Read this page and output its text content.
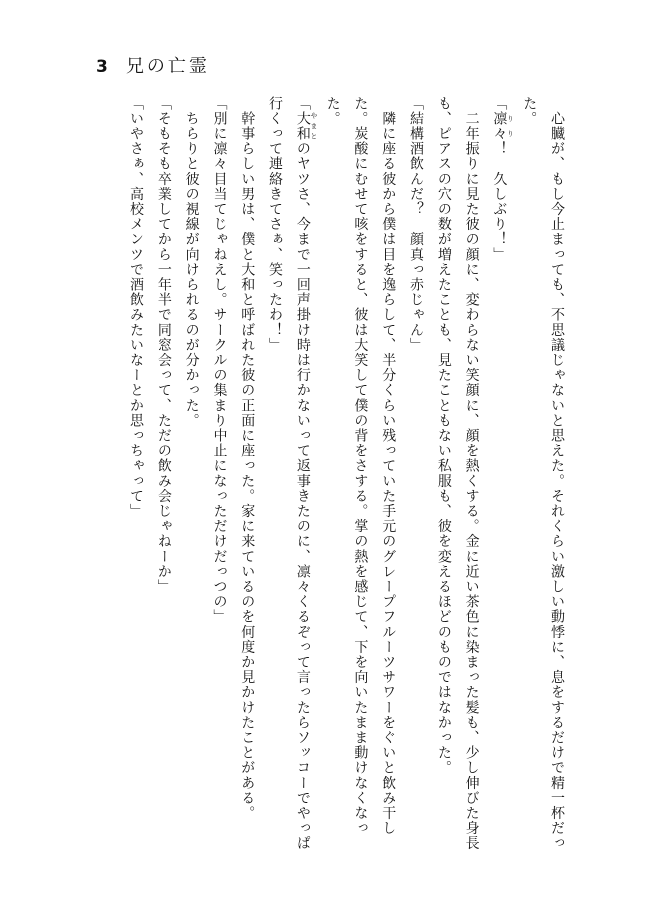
3 兄の亡霊

　心臓が、もし今止まっても、不思議じゃないと思えた。それくらい激しい動悸に、息をするだけで精一杯だった。

「凛々 りり！　久しぶり！」

　二年振りに見た彼の顔に、変わらない笑顔に、顔を熱くする。金に近い茶色に染まった髪も、少し伸びた身長も、ピアスの穴の数が増えたことも、見たこともない私服も、彼を変えるほどのものではなかった。

「結構酒飲んだ？　顔真っ赤じゃん」

　隣に座る彼から僕は目を逸らして、半分くらい残っていた手元のグレープフルーツサワーをぐいと飲み干した。炭酸にむせて咳をすると、彼は大笑して僕の背をさする。掌の熱を感じて、下を向いたまま動けなくなった。

「大和 やまとのヤツさ、今まで一回声掛け時は行かないって返事きたのに、凛々くるぞって言ったらソッコーでやっぱ行くって連絡きてさぁ、笑ったわ！」

　幹事らしい男は、僕と大和と呼ばれた彼の正面に座った。家に来ているのを何度か見かけたことがある。

「別に凛々目当てじゃねえし。サークルの集まり中止になっただけだっつの」

　ちらりと彼の視線が向けられるのが分かった。

「そもそも卒業してから一年半で同窓会って、ただの飲み会じゃねーか」

「いやさぁ、高校メンツで酒飲みたいなーとか思っちゃって」
